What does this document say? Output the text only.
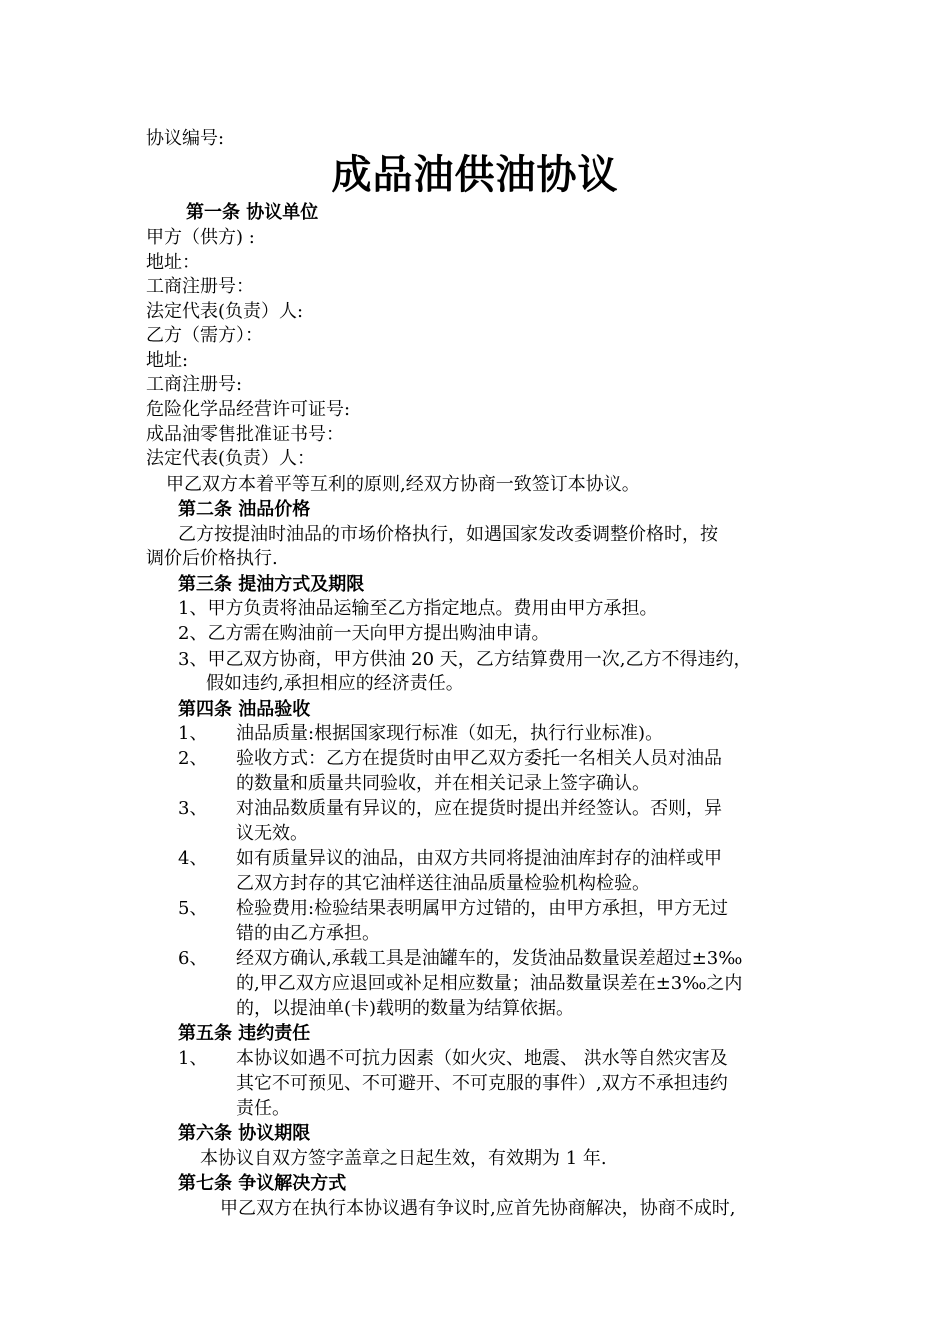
协议编号:
成品油供油协议
第一条 协议单位
甲方（供方) :
地址：
工商注册号：
法定代表(负责）人:
乙方（需方）：
地址:
工商注册号:
危险化学品经营许可证号:
成品油零售批准证书号：
法定代表(负责）人：
甲乙双方本着平等互利的原则,经双方协商一致签订本协议。
第二条 油品价格
乙方按提油时油品的市场价格执行，如遇国家发改委调整价格时，按
调价后价格执行.
第三条 提油方式及期限
1、甲方负责将油品运输至乙方指定地点。费用由甲方承担。
2、乙方需在购油前一天向甲方提出购油申请。
3、甲乙双方协商，甲方供油 20 天，乙方结算费用一次,乙方不得违约，
假如违约,承担相应的经济责任。
第四条 油品验收
1、 油品质量:根据国家现行标准（如无，执行行业标准)。
2、 验收方式：乙方在提货时由甲乙双方委托一名相关人员对油品
的数量和质量共同验收，并在相关记录上签字确认。
3、 对油品数质量有异议的，应在提货时提出并经签认。否则，异
议无效。
4、 如有质量异议的油品，由双方共同将提油油库封存的油样或甲
乙双方封存的其它油样送往油品质量检验机构检验。
5、 检验费用:检验结果表明属甲方过错的，由甲方承担，甲方无过
错的由乙方承担。
6、 经双方确认,承载工具是油罐车的，发货油品数量误差超过±3‰
的,甲乙双方应退回或补足相应数量；油品数量误差在±3‰之内
的，以提油单(卡)载明的数量为结算依据。
第五条 违约责任
1、 本协议如遇不可抗力因素（如火灾、地震、 洪水等自然灾害及
其它不可预见、不可避开、不可克服的事件）,双方不承担违约
责任。
第六条 协议期限
本协议自双方签字盖章之日起生效，有效期为 1 年.
第七条 争议解决方式
甲乙双方在执行本协议遇有争议时,应首先协商解决，协商不成时,
